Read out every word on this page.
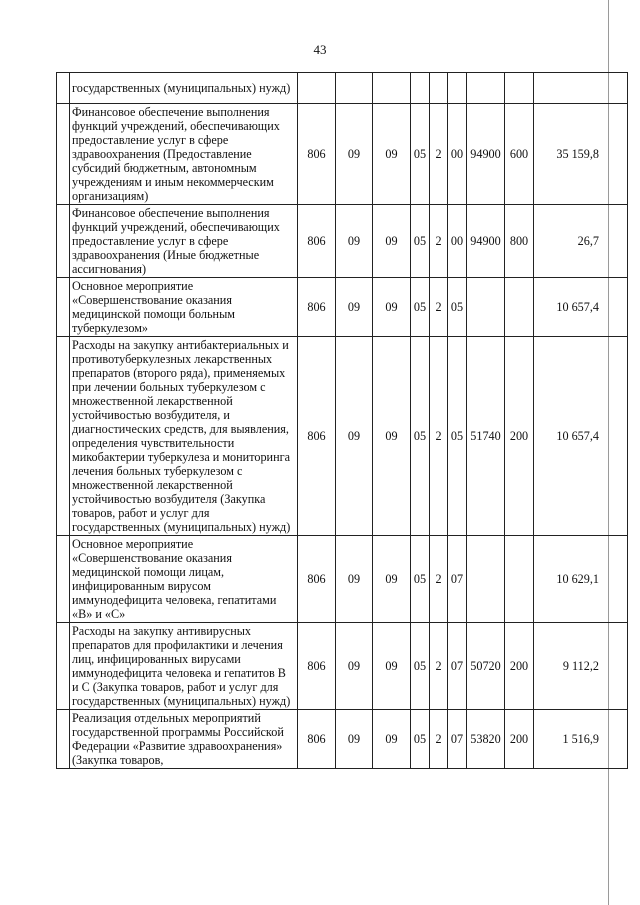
43
	государственных (муниципальных) нужд)									
	Финансовое обеспечение выполнения функций учреждений, обеспечивающих предоставление услуг в сфере здравоохранения (Предоставление субсидий бюджетным, автономным учреждениям и иным некоммерческим организациям)	806	09	09	05	2	00	94900	600	35 159,8
	Финансовое обеспечение выполнения функций учреждений, обеспечивающих предоставление услуг в сфере здравоохранения (Иные бюджетные ассигнования)	806	09	09	05	2	00	94900	800	26,7
	Основное мероприятие «Совершенствование оказания медицинской помощи больным туберкулезом»	806	09	09	05	2	05			10 657,4
	Расходы на закупку антибактериальных и противотуберкулезных лекарственных препаратов (второго ряда), применяемых при лечении больных туберкулезом с множественной лекарственной устойчивостью возбудителя, и диагностических средств, для выявления, определения чувствительности микобактерии туберкулеза и мониторинга лечения больных туберкулезом с множественной лекарственной устойчивостью возбудителя (Закупка товаров, работ и услуг для государственных (муниципальных) нужд)	806	09	09	05	2	05	51740	200	10 657,4
	Основное мероприятие «Совершенствование оказания медицинской помощи лицам, инфицированным вирусом иммунодефицита человека, гепатитами «В» и «С»	806	09	09	05	2	07			10 629,1
	Расходы на закупку антивирусных препаратов для профилактики и лечения лиц, инфицированных вирусами иммунодефицита человека и гепатитов В и С (Закупка товаров, работ и услуг для государственных (муниципальных) нужд)	806	09	09	05	2	07	50720	200	9 112,2
	Реализация отдельных мероприятий государственной программы Российской Федерации «Развитие здравоохранения» (Закупка товаров,	806	09	09	05	2	07	53820	200	1 516,9
